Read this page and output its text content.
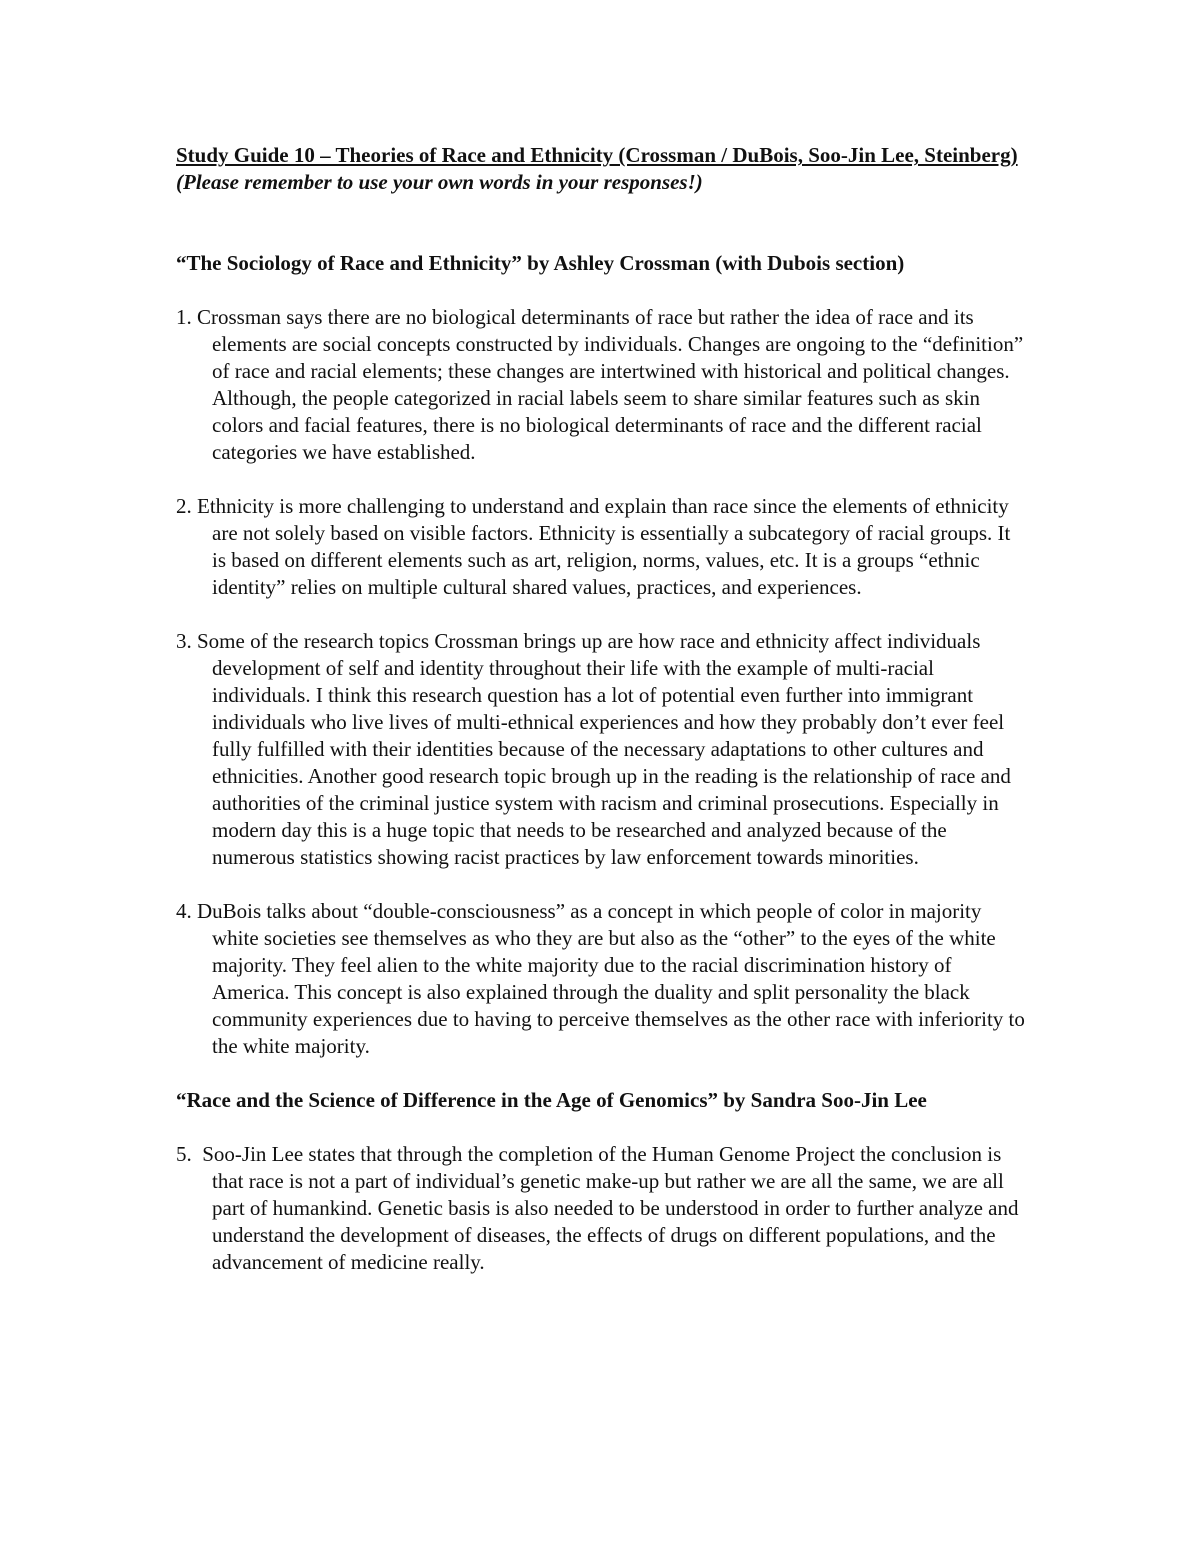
Study Guide 10 – Theories of Race and Ethnicity (Crossman / DuBois, Soo-Jin Lee, Steinberg)

(Please remember to use your own words in your responses!)

“The Sociology of Race and Ethnicity” by Ashley Crossman (with Dubois section)

1. Crossman says there are no biological determinants of race but rather the idea of race and its elements are social concepts constructed by individuals. Changes are ongoing to the “definition” of race and racial elements; these changes are intertwined with historical and political changes. Although, the people categorized in racial labels seem to share similar features such as skin colors and facial features, there is no biological determinants of race and the different racial categories we have established.

2. Ethnicity is more challenging to understand and explain than race since the elements of ethnicity are not solely based on visible factors. Ethnicity is essentially a subcategory of racial groups. It is based on different elements such as art, religion, norms, values, etc. It is a groups “ethnic identity” relies on multiple cultural shared values, practices, and experiences.

3. Some of the research topics Crossman brings up are how race and ethnicity affect individuals development of self and identity throughout their life with the example of multi-racial individuals. I think this research question has a lot of potential even further into immigrant individuals who live lives of multi-ethnical experiences and how they probably don’t ever feel fully fulfilled with their identities because of the necessary adaptations to other cultures and ethnicities. Another good research topic brough up in the reading is the relationship of race and authorities of the criminal justice system with racism and criminal prosecutions. Especially in modern day this is a huge topic that needs to be researched and analyzed because of the numerous statistics showing racist practices by law enforcement towards minorities.

4. DuBois talks about “double-consciousness” as a concept in which people of color in majority white societies see themselves as who they are but also as the “other” to the eyes of the white majority. They feel alien to the white majority due to the racial discrimination history of America. This concept is also explained through the duality and split personality the black community experiences due to having to perceive themselves as the other race with inferiority to the white majority.

“Race and the Science of Difference in the Age of Genomics” by Sandra Soo-Jin Lee

5. Soo-Jin Lee states that through the completion of the Human Genome Project the conclusion is that race is not a part of individual’s genetic make-up but rather we are all the same, we are all part of humankind. Genetic basis is also needed to be understood in order to further analyze and understand the development of diseases, the effects of drugs on different populations, and the advancement of medicine really.
